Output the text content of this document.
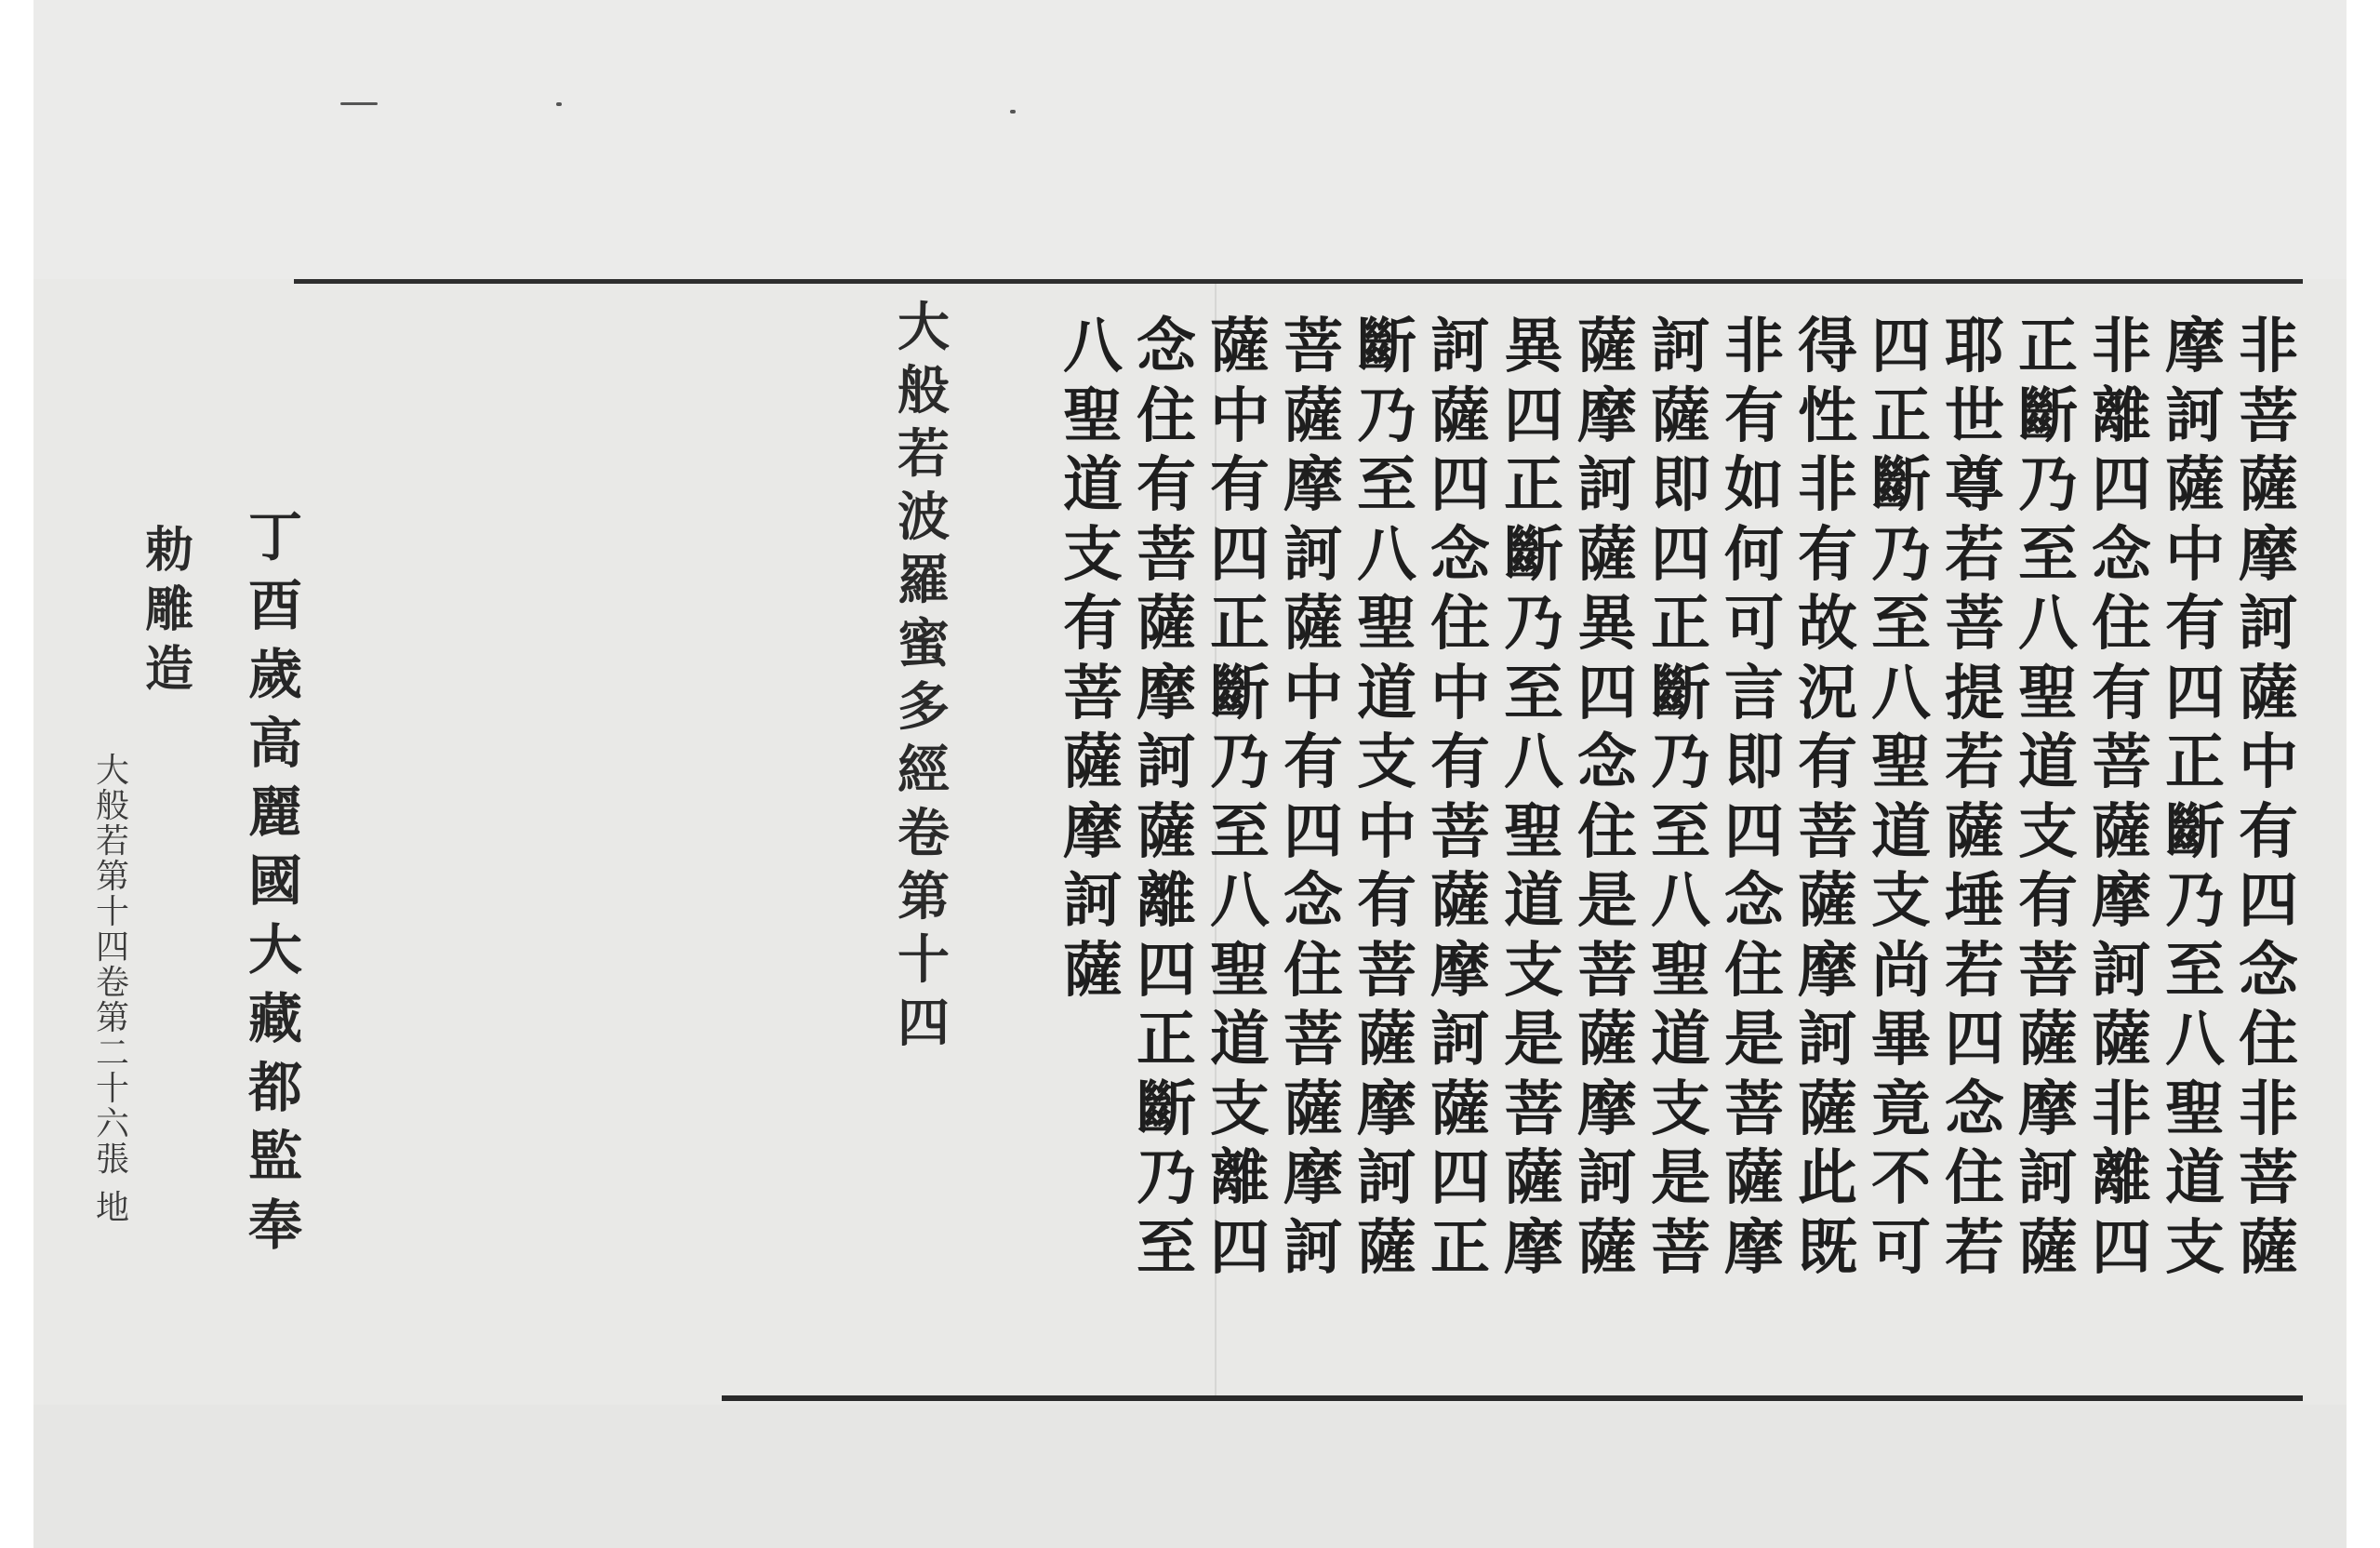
非菩薩摩訶薩中有四念住非菩薩
摩訶薩中有四正斷乃至八聖道支
非離四念住有菩薩摩訶薩非離四
正斷乃至八聖道支有菩薩摩訶薩
耶世尊若菩提若薩埵若四念住若
四正斷乃至八聖道支尚畢竟不可
得性非有故況有菩薩摩訶薩此既
非有如何可言即四念住是菩薩摩
訶薩即四正斷乃至八聖道支是菩
薩摩訶薩異四念住是菩薩摩訶薩
異四正斷乃至八聖道支是菩薩摩
訶薩四念住中有菩薩摩訶薩四正
斷乃至八聖道支中有菩薩摩訶薩
菩薩摩訶薩中有四念住菩薩摩訶
薩中有四正斷乃至八聖道支離四
念住有菩薩摩訶薩離四正斷乃至
八聖道支有菩薩摩訶薩
大般若波羅蜜多經卷第十四
丁酉歲高麗國大藏都監奉
勅雕造
大般若第十四卷第二十六張
地
